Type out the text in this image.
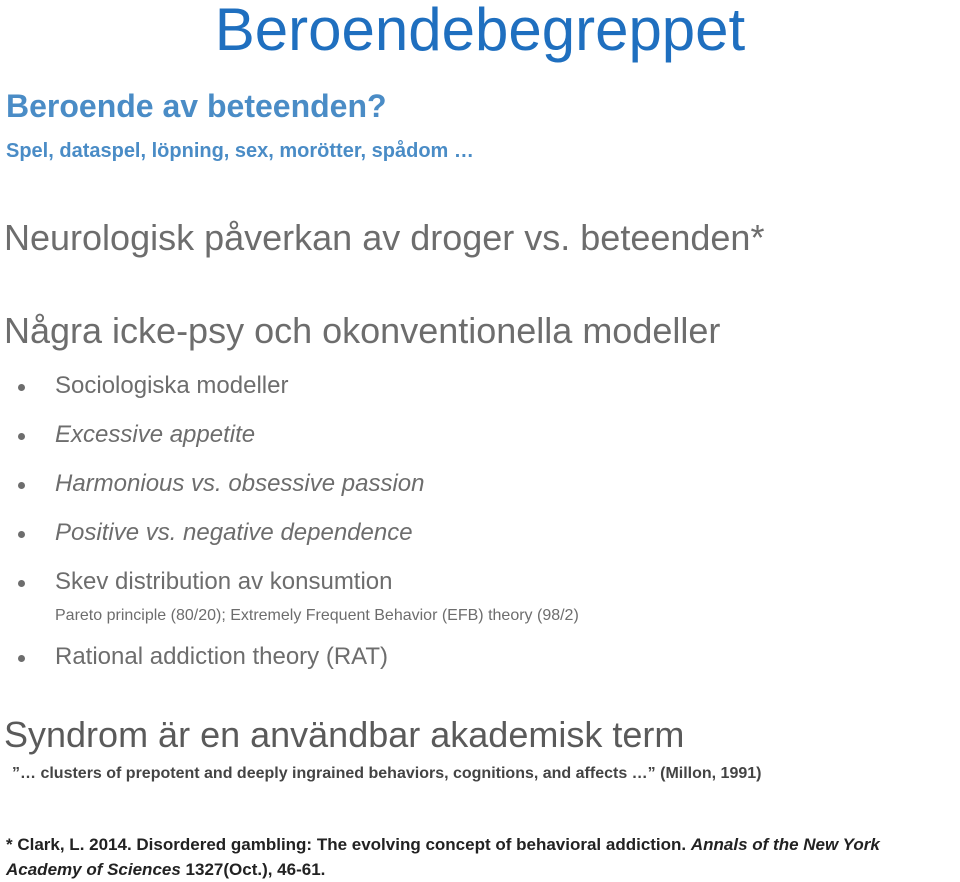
Beroendebegreppet
Beroende av beteenden?
Spel, dataspel, löpning, sex, morötter, spådom …
Neurologisk påverkan av droger vs. beteenden*
Några icke-psy och okonventionella modeller
Sociologiska modeller
Excessive appetite
Harmonious vs. obsessive passion
Positive vs. negative dependence
Skev distribution av konsumtion
Pareto principle (80/20); Extremely Frequent Behavior (EFB) theory (98/2)
Rational addiction theory (RAT)
Syndrom är en användbar akademisk term
”… clusters of prepotent and deeply ingrained behaviors, cognitions, and affects …” (Millon, 1991)
* Clark, L. 2014. Disordered gambling: The evolving concept of behavioral addiction. Annals of the New York Academy of Sciences 1327(Oct.), 46-61.
